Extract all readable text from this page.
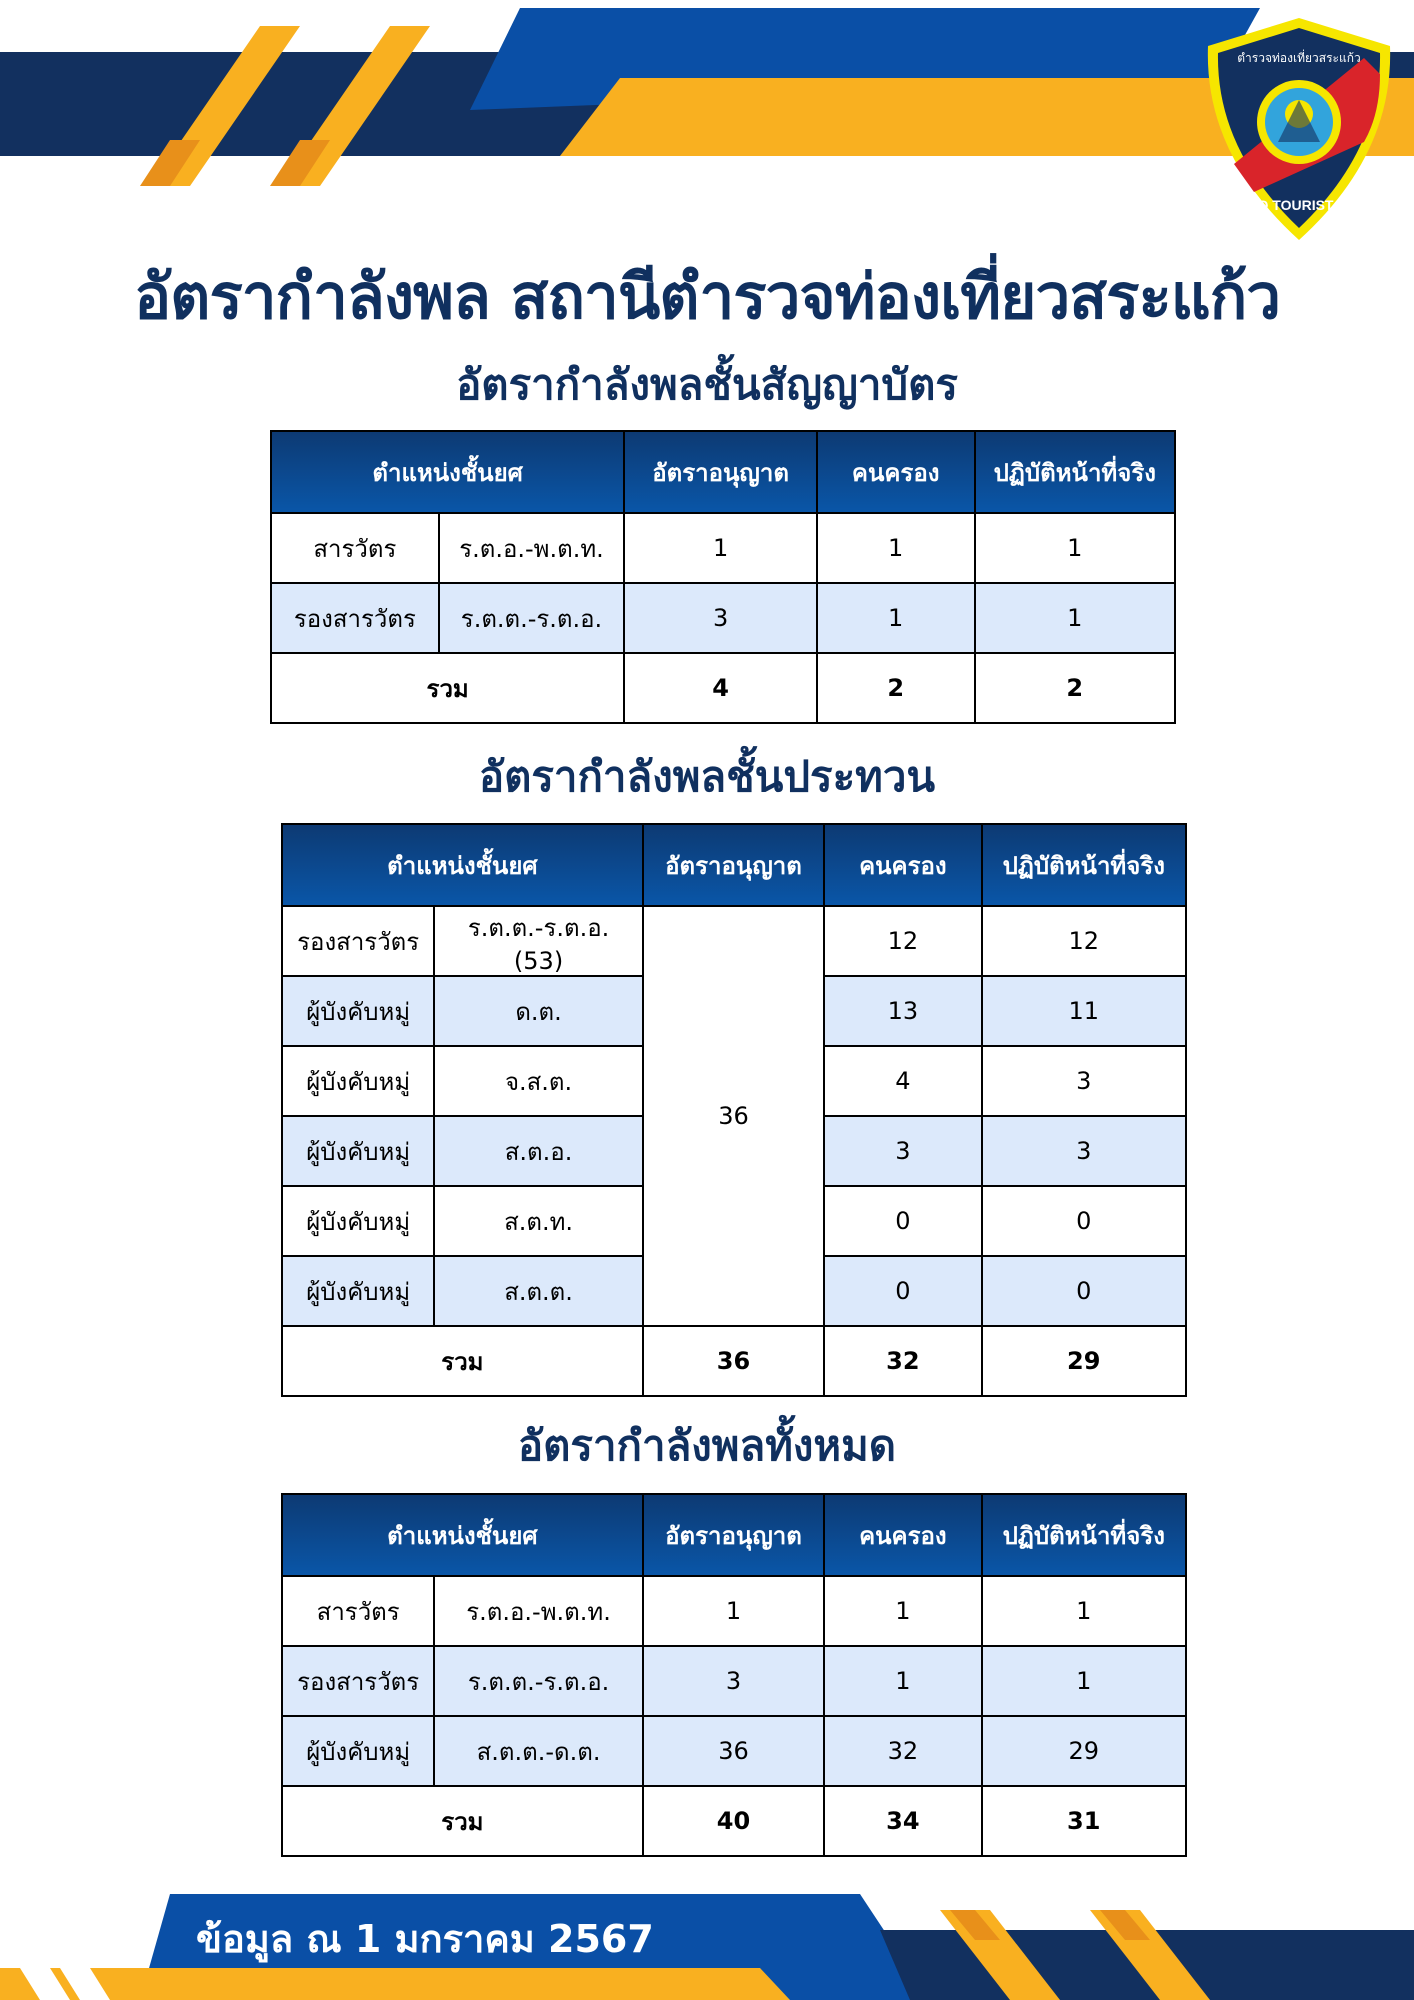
SAKAEO TOURIST POLICE
ตำรวจท่องเที่ยวสระแก้ว
อัตรากำลังพล สถานีตำรวจท่องเที่ยวสระแก้ว
อัตรากำลังพลชั้นสัญญาบัตร
ตำแหน่งชั้นยศ		อัตราอนุญาต	คนครอง	ปฏิบัติหน้าที่จริง
สารวัตร	ร.ต.อ.-พ.ต.ท.	1	1	1
รองสารวัตร	ร.ต.ต.-ร.ต.อ.	3	1	1
รวม		4	2	2
อัตรากำลังพลชั้นประทวน
ตำแหน่งชั้นยศ		อัตราอนุญาต	คนครอง	ปฏิบัติหน้าที่จริง
รองสารวัตร	ร.ต.ต.-ร.ต.อ. (53)	36	12	12
ผู้บังคับหมู่	ด.ต.		13	11
ผู้บังคับหมู่	จ.ส.ต.		4	3
ผู้บังคับหมู่	ส.ต.อ.		3	3
ผู้บังคับหมู่	ส.ต.ท.		0	0
ผู้บังคับหมู่	ส.ต.ต.		0	0
รวม		36	32	29
อัตรากำลังพลทั้งหมด
ตำแหน่งชั้นยศ		อัตราอนุญาต	คนครอง	ปฏิบัติหน้าที่จริง
สารวัตร	ร.ต.อ.-พ.ต.ท.	1	1	1
รองสารวัตร	ร.ต.ต.-ร.ต.อ.	3	1	1
ผู้บังคับหมู่	ส.ต.ต.-ด.ต.	36	32	29
รวม		40	34	31
ข้อมูล ณ 1 มกราคม 2567
